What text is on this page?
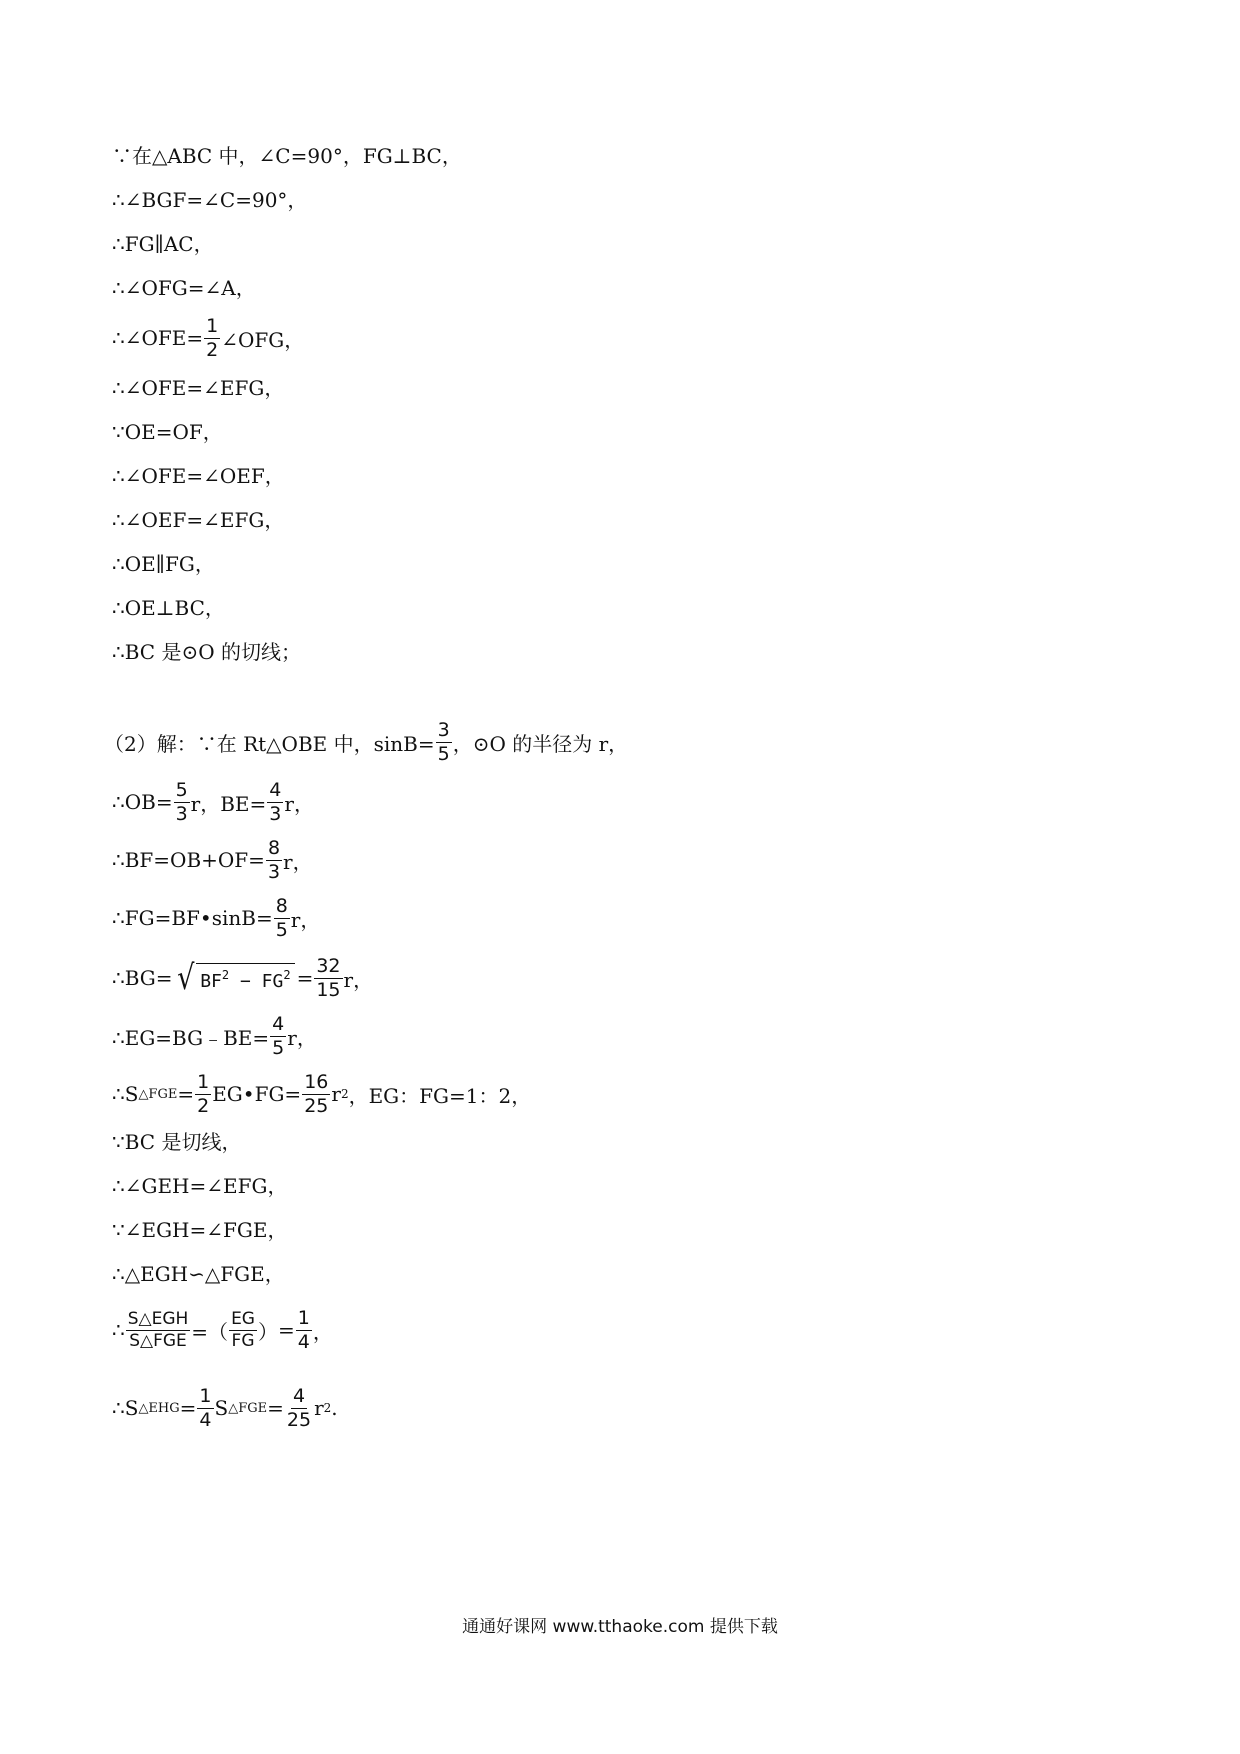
∵在△ABC 中，∠C=90°，FG⊥BC，
∴∠BGF=∠C=90°，
∴FG∥AC，
∴∠OFG=∠A，
∴∠OFE= $\frac{1}{2}$ ∠OFG，
∴∠OFE=∠EFG，
∵OE=OF，
∴∠OFE=∠OEF，
∴∠OEF=∠EFG，
∴OE∥FG，
∴OE⊥BC，
∴BC 是⊙O 的切线；
（2）解：∵在 Rt△OBE 中，$\sin B= \frac{3}{5}$ ，⊙O 的半径为 r，
∴OB= $\frac{5}{3}$ r，$BE= \frac{4}{3}$ r，
∴BF=OB+OF= $\frac{8}{3}$ r，
∴FG=BF•sinB= $\frac{8}{5}$ r，
∴BG= √ $BF^2 - FG^2 = \frac{32}{15}$ r，
∴EG=BG﹣BE= $\frac{4}{5}$ r，
∴S △FGE = $\frac{1}{2}$ EG•FG= $\frac{16}{25}$ r 2 ，EG：FG=1：2，
∵BC 是切线，
∴∠GEH=∠EFG，
∵∠EGH=∠FGE，
∴△EGH∽△FGE，
∴ $\frac{\text{S△EGH}}{\text{S△FGE}}$ =（ $\frac{EG}{FG}$ ） = $\frac{1}{4}$ ，
∴S △EHG = $\frac{1}{4}$ S △FGE = $\frac{4}{25}$ r 2 .
通通好课网 www.tthaoke.com 提供下载
